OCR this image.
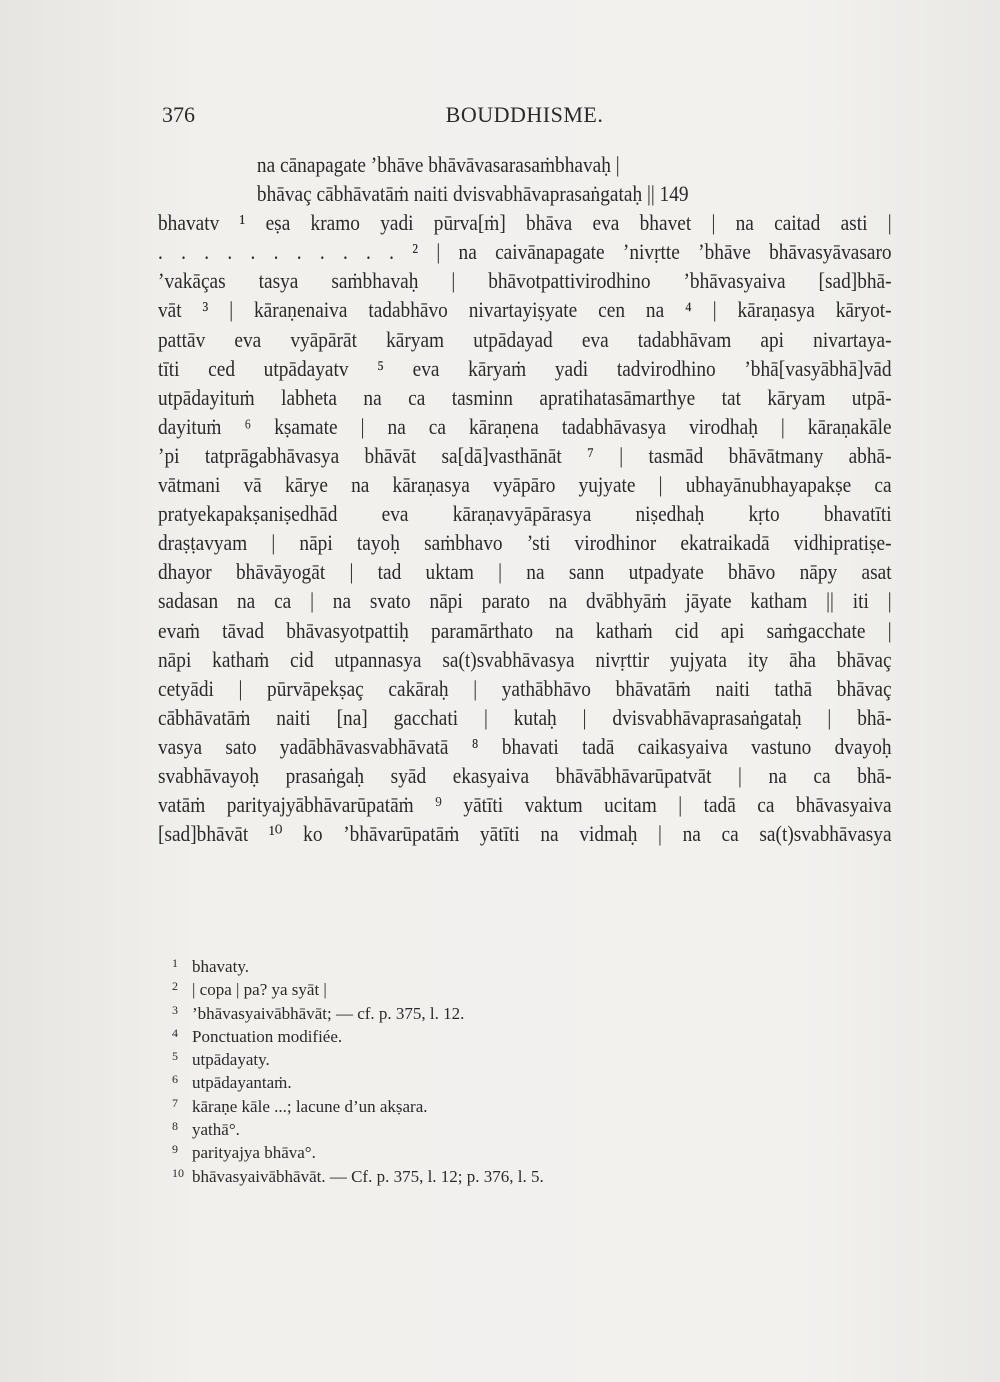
376	BOUDDHISME.
na cānapagate ’bhāve bhāvāvasarasaṁbhavaḥ |
bhāvaç cābhāvatāṁ naiti dvisvabhāvaprasaṅgataḥ || 149
bhavatv ¹ eṣa kramo yadi pūrva[ṁ] bhāva eva bhavet | na caitad asti |
. . . . . . . . . . . ² | na caivānapagate ’nivṛtte ’bhāve bhāvasyāvasaro
’vakāças tasya saṁbhavaḥ | bhāvotpattivirodhino ’bhāvasyaiva [sad]bhā-
vāt ³ | kāraṇenaiva tadabhāvo nivartayiṣyate cen na ⁴ | kāraṇasya kāryot-
pattāv eva vyāpārāt kāryam utpādayad eva tadabhāvam api nivartaya-
tīti ced utpādayatv ⁵ eva kāryaṁ yadi tadvirodhino ’bhā[vasyābhā]vād
utpādayituṁ labheta na ca tasminn apratihatasāmarthye tat kāryam utpā-
dayituṁ ⁶ kṣamate | na ca kāraṇena tadabhāvasya virodhaḥ | kāraṇakāle
’pi tatprāgabhāvasya bhāvāt sa[dā]vasthānāt ⁷ | tasmād bhāvātmany abhā-
vātmani vā kārye na kāraṇasya vyāpāro yujyate | ubhayānubhayapakṣe ca
pratyekapakṣaniṣedhād eva kāraṇavyāpārasya niṣedhaḥ kṛto bhavatīti
draṣṭavyam | nāpi tayoḥ saṁbhavo ’sti virodhinor ekatraikadā vidhipratiṣe-
dhayor bhāvāyogāt | tad uktam | na sann utpadyate bhāvo nāpy asat
sadasan na ca | na svato nāpi parato na dvābhyāṁ jāyate katham || iti |
evaṁ tāvad bhāvasyotpattiḥ paramārthato na kathaṁ cid api saṁgacchate |
nāpi kathaṁ cid utpannasya sa(t)svabhāvasya nivṛttir yujyata ity āha bhāvaç
cetyādi | pūrvāpekṣaç cakāraḥ | yathābhāvo bhāvatāṁ naiti tathā bhāvaç
cābhāvatāṁ naiti [na] gacchati | kutaḥ | dvisvabhāvaprasaṅgataḥ | bhā-
vasya sato yadābhāvasvabhāvatā ⁸ bhavati tadā caikasyaiva vastuno dvayoḥ
svabhāvayoḥ prasaṅgaḥ syād ekasyaiva bhāvābhāvarūpatvāt | na ca bhā-
vatāṁ parityajyābhāvarūpatāṁ ⁹ yātīti vaktum ucitam | tadā ca bhāvasyaiva
[sad]bhāvāt ¹⁰ ko ’bhāvarūpatāṁ yātīti na vidmaḥ | na ca sa(t)svabhāvasya
1 bhavaty.
2 | copa | pa? ya syāt |
3 ’bhāvasyaivābhāvāt; — cf. p. 375, l. 12.
4 Ponctuation modifiée.
5 utpādayaty.
6 utpādayantaṁ.
7 kāraṇe kāle ...; lacune d’un akṣara.
8 yathā°.
9 parityajya bhāva°.
10 bhāvasyaivābhāvāt. — Cf. p. 375, l. 12; p. 376, l. 5.
